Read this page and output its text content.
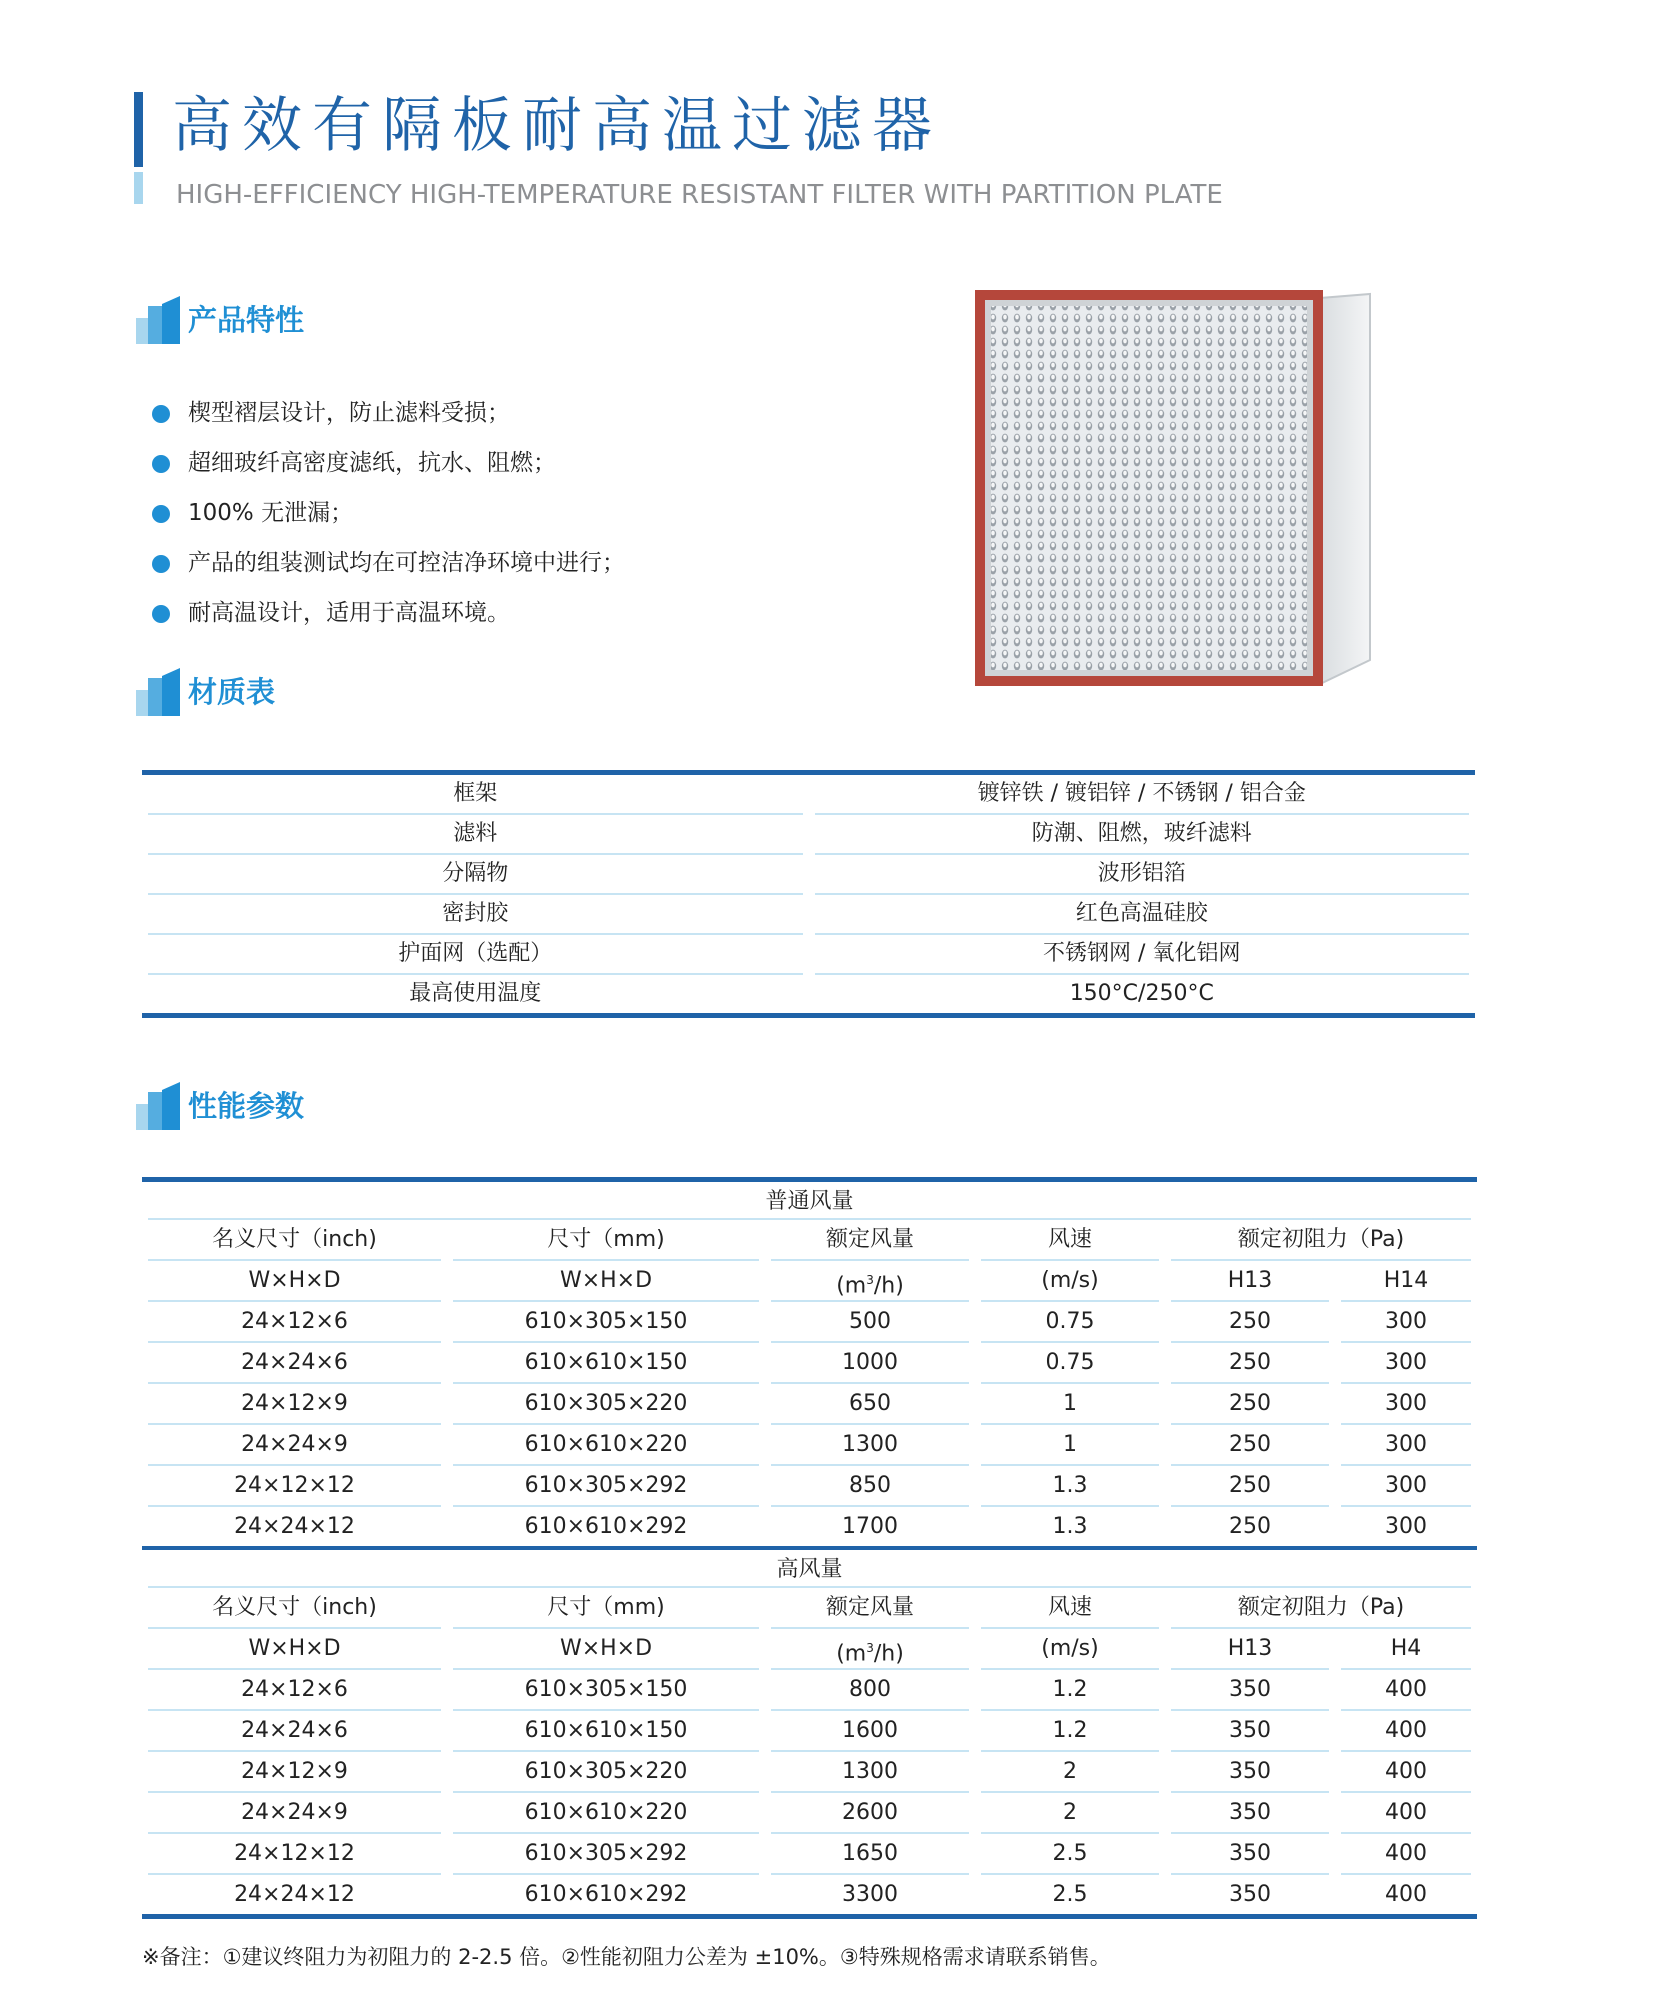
高效有隔板耐高温过滤器
HIGH-EFFICIENCY HIGH-TEMPERATURE RESISTANT FILTER WITH PARTITION PLATE
产品特性
楔型褶层设计，防止滤料受损；
超细玻纤高密度滤纸，抗水、阻燃；
100% 无泄漏；
产品的组装测试均在可控洁净环境中进行；
耐高温设计，适用于高温环境。
材质表
框架	镀锌铁 / 镀铝锌 / 不锈钢 / 铝合金

滤料	防潮、阻燃，玻纤滤料

分隔物	波形铝箔

密封胶	红色高温硅胶

护面网（选配）	不锈钢网 / 氧化铝网

最高使用温度	150°C/250°C
性能参数
普通风量					

名义尺寸（inch)	尺寸（mm)	额定风量	风速	额定初阻力（Pa)	

W×H×D	W×H×D	$(m^3/h)$	(m/s)	H13	H14

24×12×6	610×305×150	500	0.75	250	300

24×24×6	610×610×150	1000	0.75	250	300

24×12×9	610×305×220	650	1	250	300

24×24×9	610×610×220	1300	1	250	300

24×12×12	610×305×292	850	1.3	250	300

24×24×12	610×610×292	1700	1.3	250	300

高风量					

名义尺寸（inch)	尺寸（mm)	额定风量	风速	额定初阻力（Pa)	

W×H×D	W×H×D	$(m^3/h)$	(m/s)	H13	H4

24×12×6	610×305×150	800	1.2	350	400

24×24×6	610×610×150	1600	1.2	350	400

24×12×9	610×305×220	1300	2	350	400

24×24×9	610×610×220	2600	2	350	400

24×12×12	610×305×292	1650	2.5	350	400

24×24×12	610×610×292	3300	2.5	350	400
※备注：①建议终阻力为初阻力的 2-2.5 倍。②性能初阻力公差为 ±10%。③特殊规格需求请联系销售。
